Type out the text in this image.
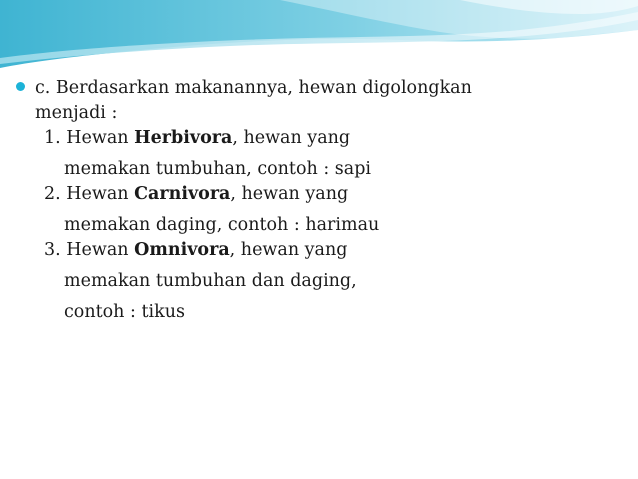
c. Berdasarkan makanannya, hewan digolongkan
menjadi :
1. Hewan Herbivora, hewan yang
memakan tumbuhan, contoh : sapi
2. Hewan Carnivora, hewan yang
memakan daging, contoh : harimau
3. Hewan Omnivora, hewan yang
memakan tumbuhan dan daging,
contoh : tikus
